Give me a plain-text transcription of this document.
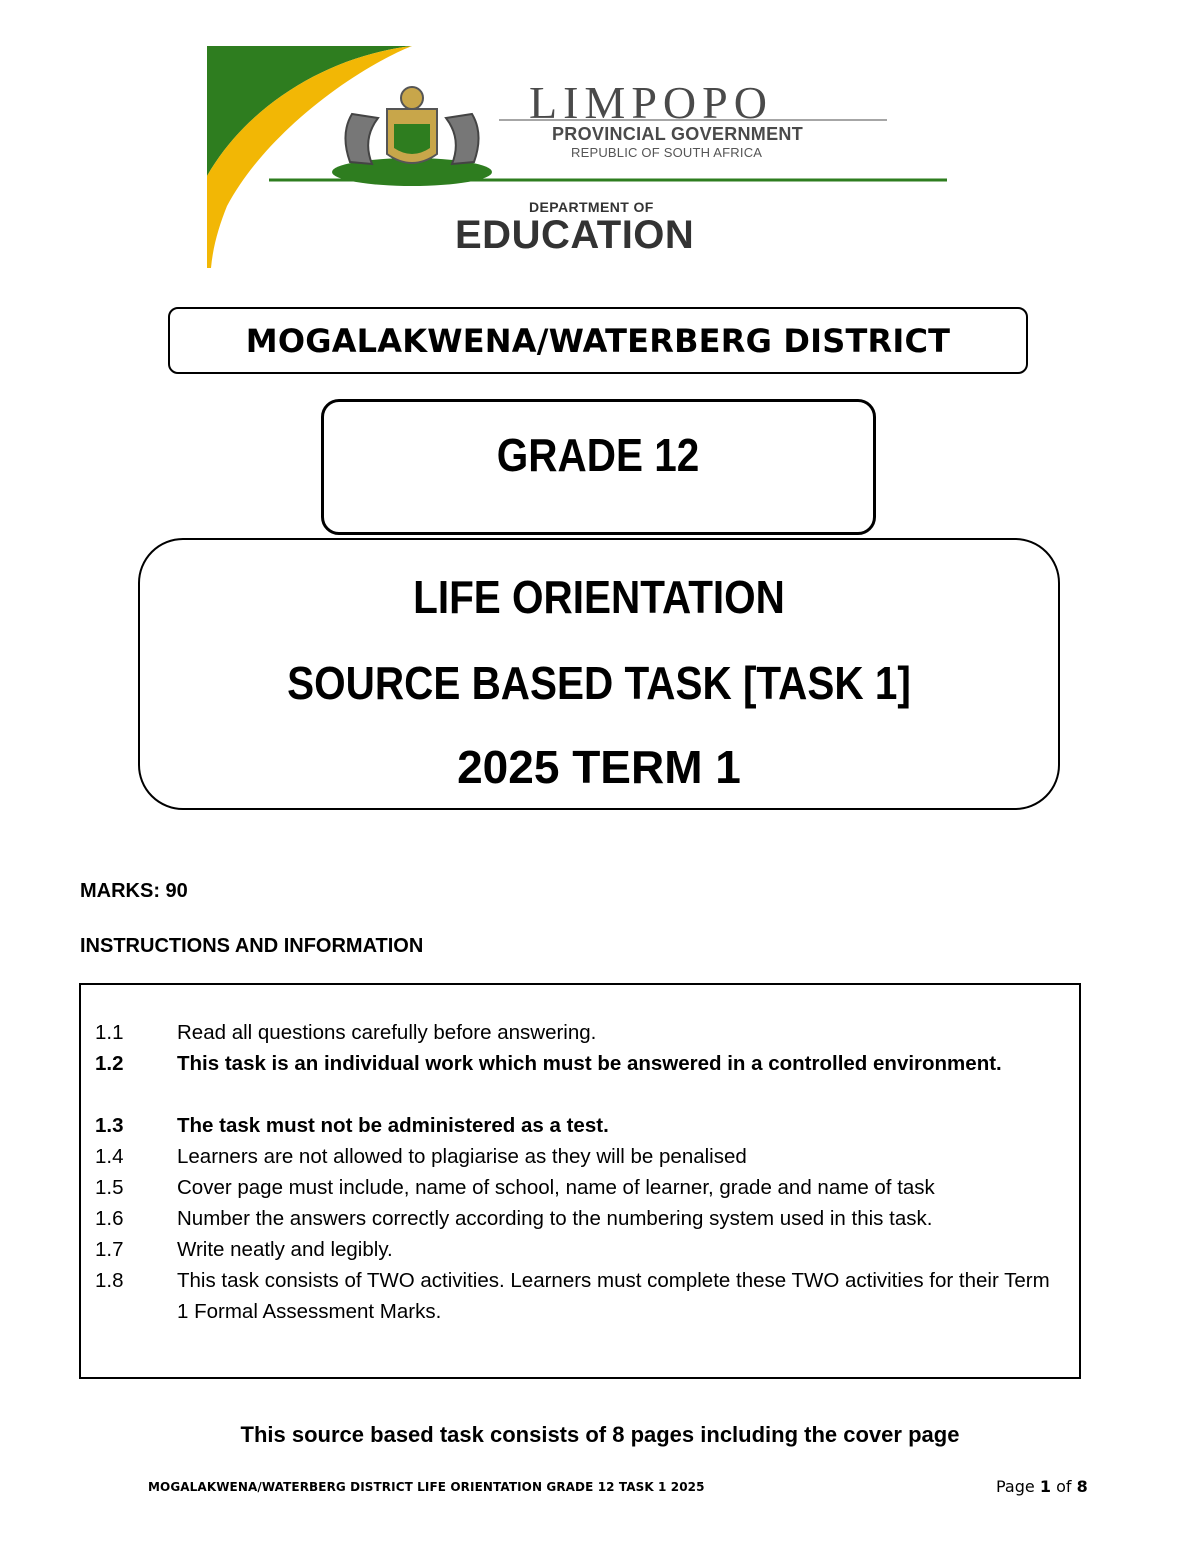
LIMPOPO
PROVINCIAL GOVERNMENT
REPUBLIC OF SOUTH AFRICA
DEPARTMENT OF
EDUCATION
MOGALAKWENA/WATERBERG DISTRICT
GRADE 12
LIFE ORIENTATION
SOURCE BASED TASK [TASK 1]
2025 TERM 1
MARKS: 90
INSTRUCTIONS AND INFORMATION
1.1	Read all questions carefully before answering.
1.2	This task is an individual work which must be answered in a controlled environment.
1.3	The task must not be administered as a test.
1.4	Learners are not allowed to plagiarise as they will be penalised
1.5	Cover page must include, name of school, name of learner, grade and name of task
1.6	Number the answers correctly according to the numbering system used in this task.
1.7	Write neatly and legibly.
1.8	This task consists of TWO activities. Learners must complete these TWO activities for their Term 1 Formal Assessment Marks.
This source based task consists of 8 pages including the cover page
MOGALAKWENA/WATERBERG DISTRICT LIFE ORIENTATION GRADE 12 TASK 1 2025	Page 1 of 8
